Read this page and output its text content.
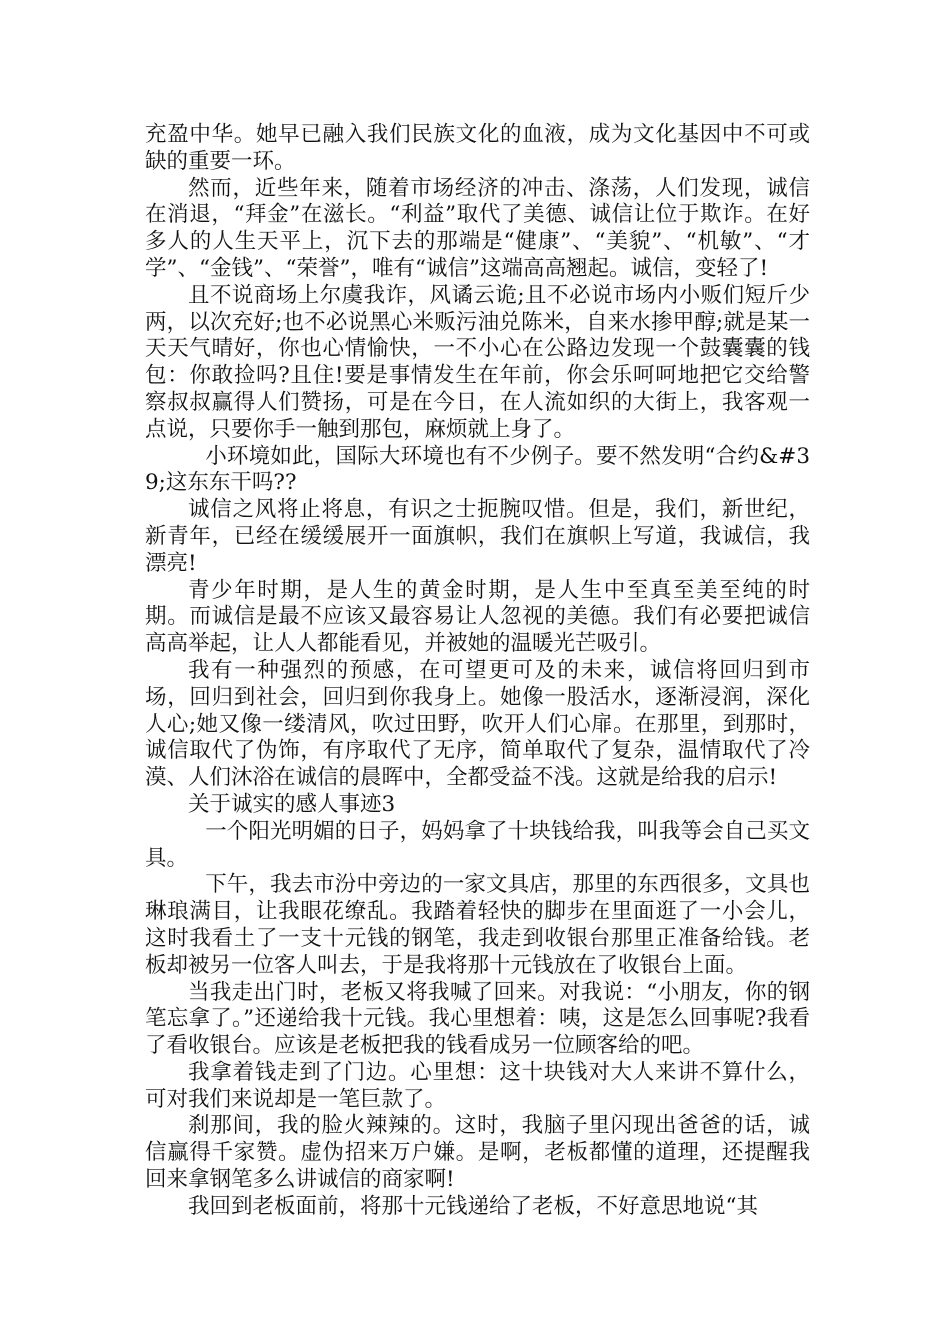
充盈中华。她早已融入我们民族文化的血液，成为文化基因中不可或缺的重要一环。

然而，近些年来，随着市场经济的冲击、涤荡，人们发现，诚信在消退，“拜金”在滋长。“利益”取代了美德、诚信让位于欺诈。在好多人的人生天平上，沉下去的那端是“健康”、“美貌”、“机敏”、“才学”、“金钱”、“荣誉”，唯有“诚信”这端高高翘起。诚信，变轻了!

且不说商场上尔虞我诈，风谲云诡;且不必说市场内小贩们短斤少两，以次充好;也不必说黑心米贩污油兑陈米，自来水掺甲醇;就是某一天天气晴好，你也心情愉快，一不小心在公路边发现一个鼓囊囊的钱包：你敢捡吗?且住!要是事情发生在年前，你会乐呵呵地把它交给警察叔叔赢得人们赞扬，可是在今日，在人流如织的大街上，我客观一点说，只要你手一触到那包，麻烦就上身了。

小环境如此，国际大环境也有不少例子。要不然发明“合约&#39;这东东干吗??

诚信之风将止将息，有识之士扼腕叹惜。但是，我们，新世纪，新青年，已经在缓缓展开一面旗帜，我们在旗帜上写道，我诚信，我漂亮!

青少年时期，是人生的黄金时期，是人生中至真至美至纯的时期。而诚信是最不应该又最容易让人忽视的美德。我们有必要把诚信高高举起，让人人都能看见，并被她的温暖光芒吸引。

我有一种强烈的预感，在可望更可及的未来，诚信将回归到市场，回归到社会，回归到你我身上。她像一股活水，逐渐浸润，深化人心;她又像一缕清风，吹过田野，吹开人们心扉。在那里，到那时，诚信取代了伪饰，有序取代了无序，简单取代了复杂，温情取代了冷漠、人们沐浴在诚信的晨晖中，全都受益不浅。这就是给我的启示!

关于诚实的感人事迹3

一个阳光明媚的日子，妈妈拿了十块钱给我，叫我等会自己买文具。

下午，我去市汾中旁边的一家文具店，那里的东西很多，文具也琳琅满目，让我眼花缭乱。我踏着轻快的脚步在里面逛了一小会儿，这时我看土了一支十元钱的钢笔，我走到收银台那里正准备给钱。老板却被另一位客人叫去，于是我将那十元钱放在了收银台上面。

当我走出门时，老板又将我喊了回来。对我说：“小朋友，你的钢笔忘拿了。”还递给我十元钱。我心里想着：咦，这是怎么回事呢?我看了看收银台。应该是老板把我的钱看成另一位顾客给的吧。

我拿着钱走到了门边。心里想：这十块钱对大人来讲不算什么，可对我们来说却是一笔巨款了。

刹那间，我的脸火辣辣的。这时，我脑子里闪现出爸爸的话，诚信赢得千家赞。虚伪招来万户嫌。是啊，老板都懂的道理，还提醒我回来拿钢笔多么讲诚信的商家啊!

我回到老板面前，将那十元钱递给了老板，不好意思地说“其
